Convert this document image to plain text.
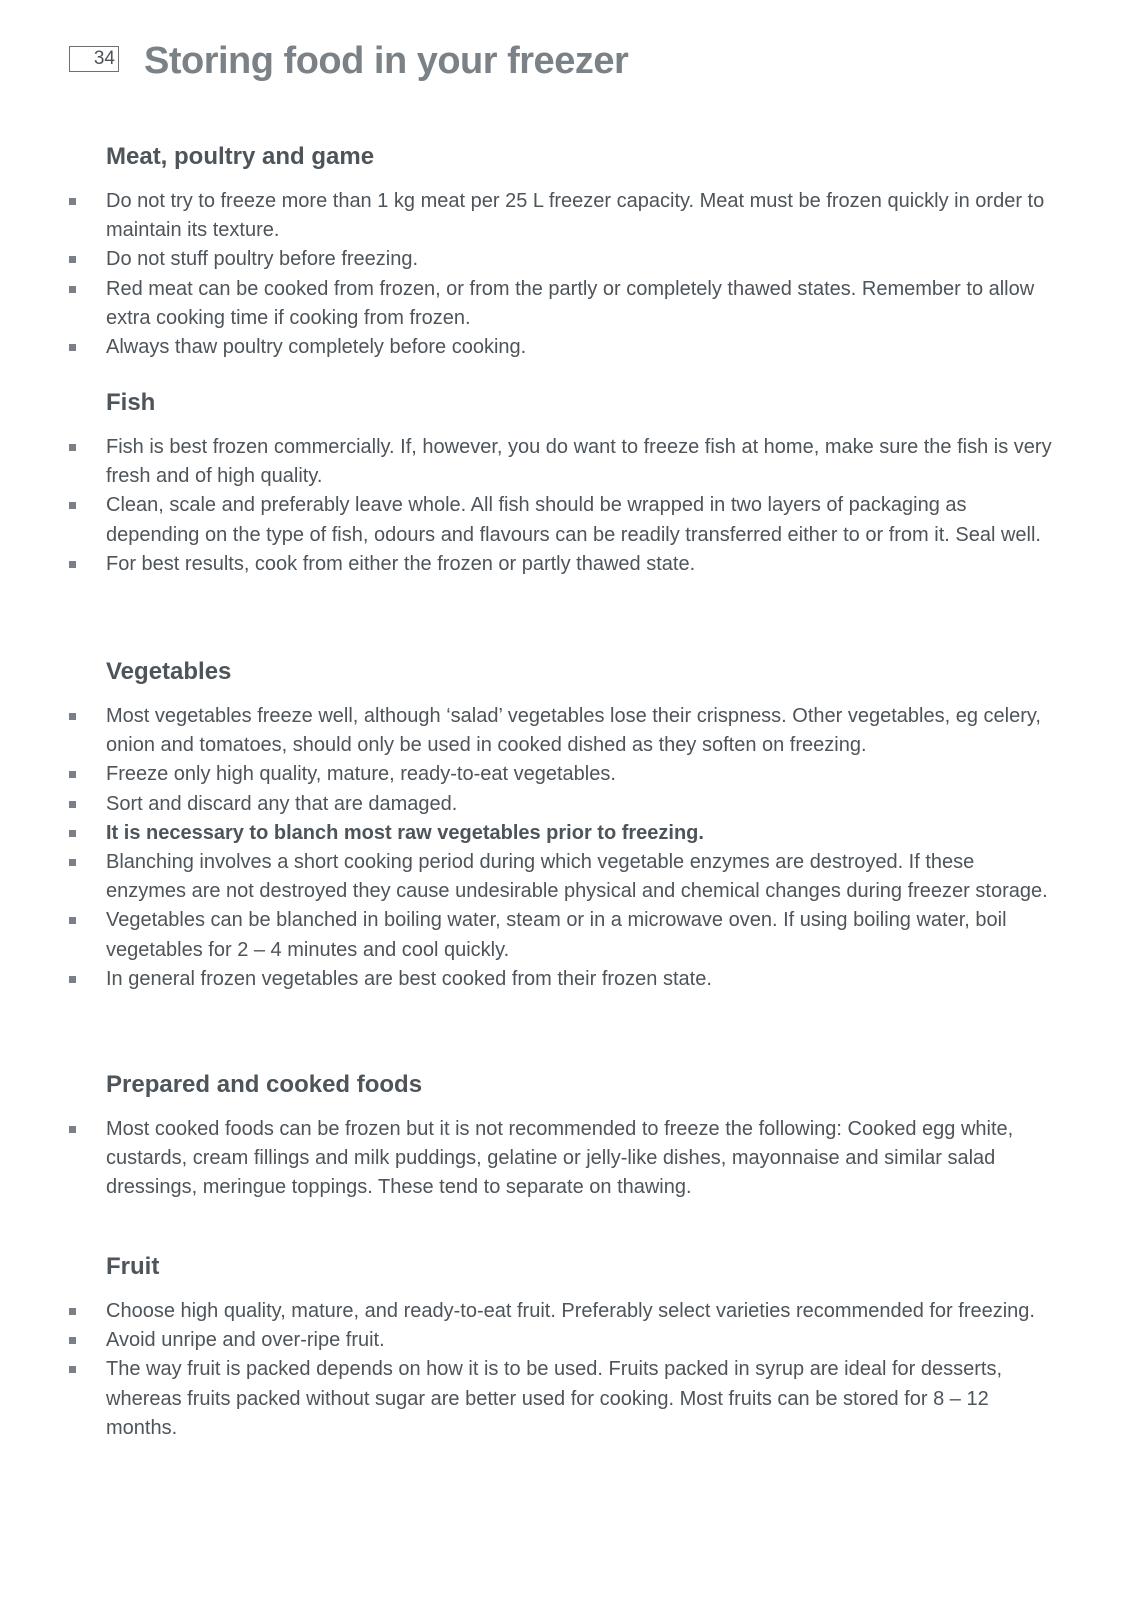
34 Storing food in your freezer
Meat, poultry and game
Do not try to freeze more than 1 kg meat per 25 L freezer capacity. Meat must be frozen quickly in order to maintain its texture.
Do not stuff poultry before freezing.
Red meat can be cooked from frozen, or from the partly or completely thawed states. Remember to allow extra cooking time if cooking from frozen.
Always thaw poultry completely before cooking.
Fish
Fish is best frozen commercially. If, however, you do want to freeze fish at home, make sure the fish is very fresh and of high quality.
Clean, scale and preferably leave whole. All fish should be wrapped in two layers of packaging as depending on the type of fish, odours and flavours can be readily transferred either to or from it. Seal well.
For best results, cook from either the frozen or partly thawed state.
Vegetables
Most vegetables freeze well, although ‘salad’ vegetables lose their crispness. Other vegetables, eg celery, onion and tomatoes, should only be used in cooked dished as they soften on freezing.
Freeze only high quality, mature, ready-to-eat vegetables.
Sort and discard any that are damaged.
It is necessary to blanch most raw vegetables prior to freezing.
Blanching involves a short cooking period during which vegetable enzymes are destroyed. If these enzymes are not destroyed they cause undesirable physical and chemical changes during freezer storage.
Vegetables can be blanched in boiling water, steam or in a microwave oven. If using boiling water, boil vegetables for 2 – 4 minutes and cool quickly.
In general frozen vegetables are best cooked from their frozen state.
Prepared and cooked foods
Most cooked foods can be frozen but it is not recommended to freeze the following: Cooked egg white, custards, cream fillings and milk puddings, gelatine or jelly-like dishes, mayonnaise and similar salad dressings, meringue toppings. These tend to separate on thawing.
Fruit
Choose high quality, mature, and ready-to-eat fruit. Preferably select varieties recommended for freezing.
Avoid unripe and over-ripe fruit.
The way fruit is packed depends on how it is to be used. Fruits packed in syrup are ideal for desserts, whereas fruits packed without sugar are better used for cooking. Most fruits can be stored for 8 – 12 months.
